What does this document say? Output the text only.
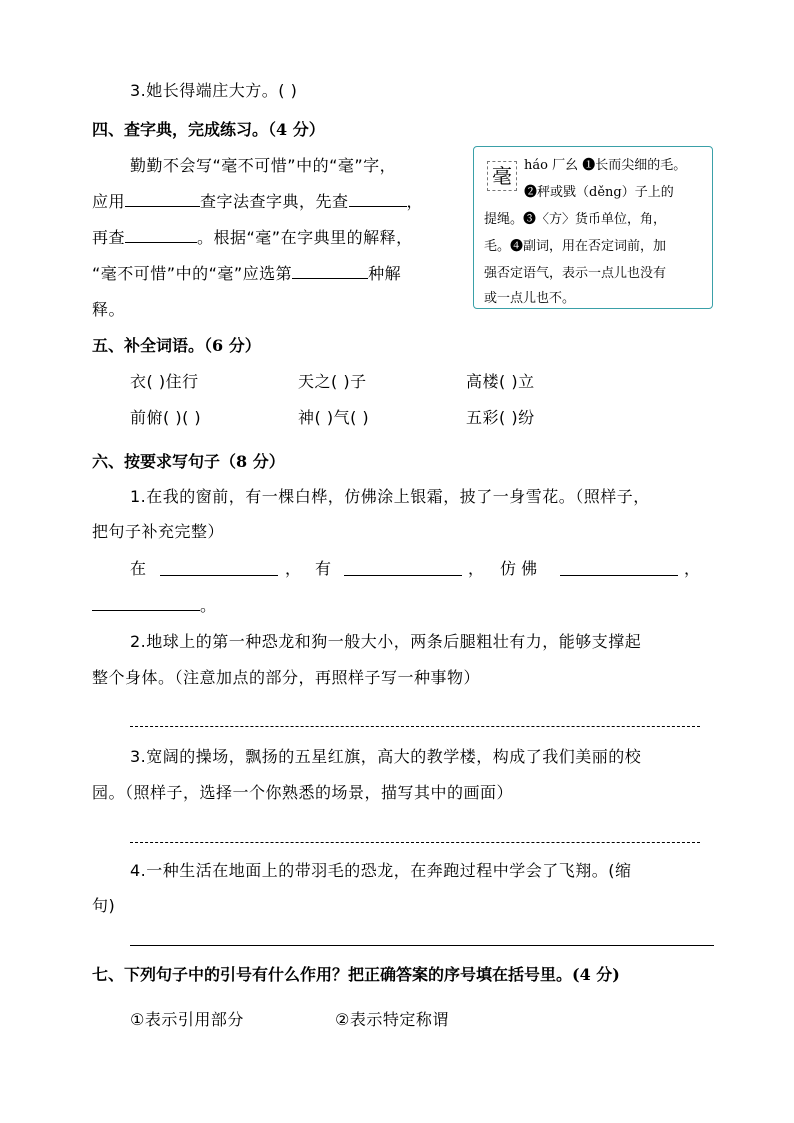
3.她长得端庄大方。( )
四、查字典，完成练习。（4 分）
勤勤不会写“毫不可惜”中的“毫”字，
应用	查字法查字典，先查	，
再查	。根据“毫”在字典里的解释，
“毫不可惜”中的“毫”应选第	种解
释。
毫 háo 厂幺 ❶长而尖细的毛。
❷秤或戥（děng）子上的
提绳。❸〈方〉货币单位，角，
毛。❹副词，用在否定词前，加
强否定语气，表示一点儿也没有
或一点儿也不。
五、补全词语。（6 分）
衣( )住行	天之( )子	高楼( )立
前俯( )( )	神( )气( )	五彩( )纷
六、按要求写句子（8 分）
1.在我的窗前，有一棵白桦，仿佛涂上银霜，披了一身雪花。（照样子，
把句子补充完整）
在	， 有	， 仿 佛	，
。
2.地球上的第一种恐龙和狗一般大小，两条后腿粗壮有力，能够支撑起
整个身体。（注意加点的部分，再照样子写一种事物）
3.宽阔的操场，飘扬的五星红旗，高大的教学楼，构成了我们美丽的校
园。（照样子，选择一个你熟悉的场景，描写其中的画面）
4.一种生活在地面上的带羽毛的恐龙，在奔跑过程中学会了飞翔。(缩
句)
七、下列句子中的引号有什么作用？把正确答案的序号填在括号里。(4 分)
①表示引用部分	②表示特定称谓
